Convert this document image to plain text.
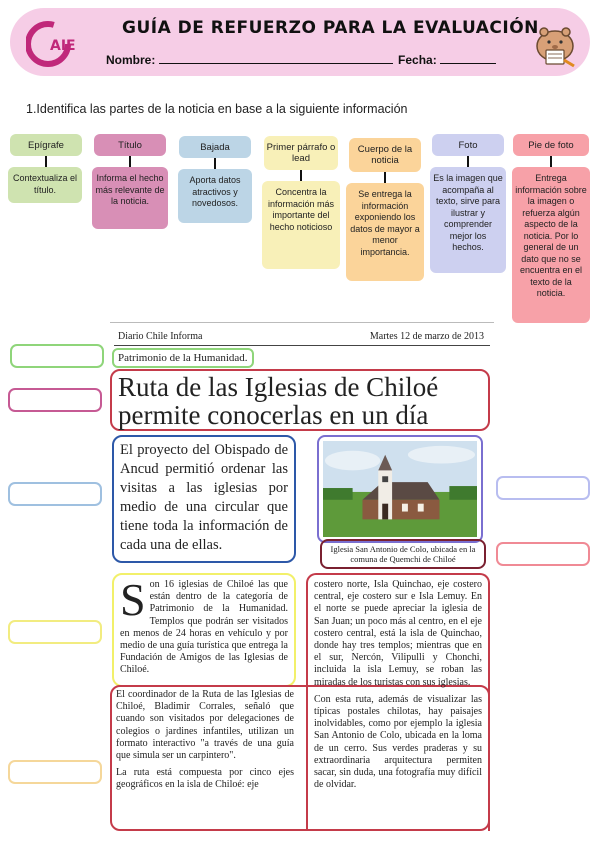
AIE
GUÍA DE REFUERZO PARA LA EVALUACIÓN
Nombre:	Fecha:
1.Identifica las partes de la noticia en base a la siguiente información
Epígrafe
Contextualiza el título.
Título
Informa el hecho más relevante de la noticia.
Bajada
Aporta datos atractivos y novedosos.
Primer párrafo o lead
Concentra la información más importante del hecho noticioso
Cuerpo de la noticia
Se entrega la información exponiendo los datos de mayor a menor importancia.
Foto
Es la imagen que acompaña al texto, sirve para ilustrar y comprender mejor los hechos.
Pie de foto
Entrega información sobre la imagen o refuerza algún aspecto de la noticia. Por lo general de un dato que no se encuentra en el texto de la noticia.
Diario Chile Informa	Martes 12 de marzo de 2013
Patrimonio de la Humanidad.
Ruta de las Iglesias de Chiloé permite conocerlas en un día
El proyecto del Obispado de Ancud permitió ordenar las visitas a las iglesias por medio de una circular que tiene toda la información de cada una de ellas.	Iglesia San Antonio de Colo, ubicada en la comuna de Quemchi de Chiloé
Son 16 iglesias de Chiloé las que están dentro de la categoría de Patrimonio de la Humanidad. Templos que podrán ser visitados en menos de 24 horas en vehículo y por medio de una guía turística que entrega la Fundación de Amigos de las Iglesias de Chiloé.

El coordinador de la Ruta de las Iglesias de Chiloé, Bladimir Corrales, señaló que cuando son visitados por delegaciones de colegios o jardines infantiles, utilizan un formato interactivo "a través de una guía que simula ser un carpintero".

La ruta está compuesta por cinco ejes geográficos en la isla de Chiloé: eje

costero norte, Isla Quinchao, eje costero central, eje costero sur e Isla Lemuy. En el norte se puede apreciar la iglesia de San Juan; un poco más al centro, en el eje costero central, está la isla de Quinchao, donde hay tres templos; mientras que en el sur, Nercón, Vilipulli y Chonchi, incluida la isla Lemuy, se roban las miradas de los turistas con sus iglesias.

Con esta ruta, además de visualizar las típicas postales chilotas, hay paisajes inolvidables, como por ejemplo la iglesia San Antonio de Colo, ubicada en la loma de un cerro. Sus verdes praderas y su extraordinaria arquitectura permiten sacar, sin duda, una fotografía muy difícil de olvidar.
